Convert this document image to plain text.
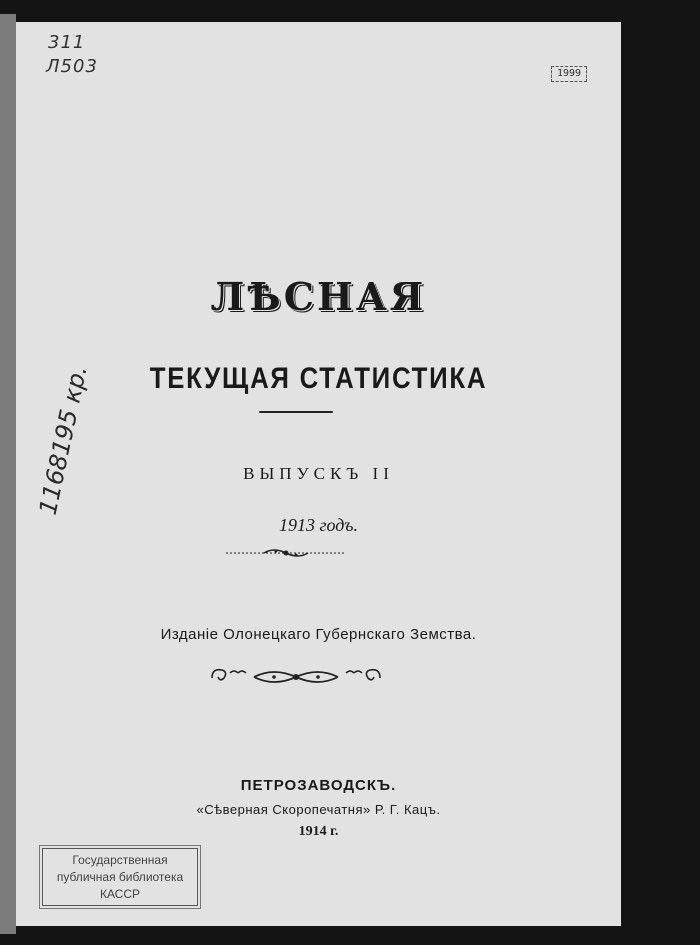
311
Л503	1999
1168195 кр.
ЛѢСНАЯ
ТЕКУЩАЯ СТАТИСТИКА
ВЫПУСКЪ II
1913 годъ.
Изданіе Олонецкаго Губернскаго Земства.
ПЕТРОЗАВОДСКЪ.
«Сѣверная Скоропечатня» Р. Г. Кацъ.
1914 г.
Государственная
публичная библиотека
КАССР
